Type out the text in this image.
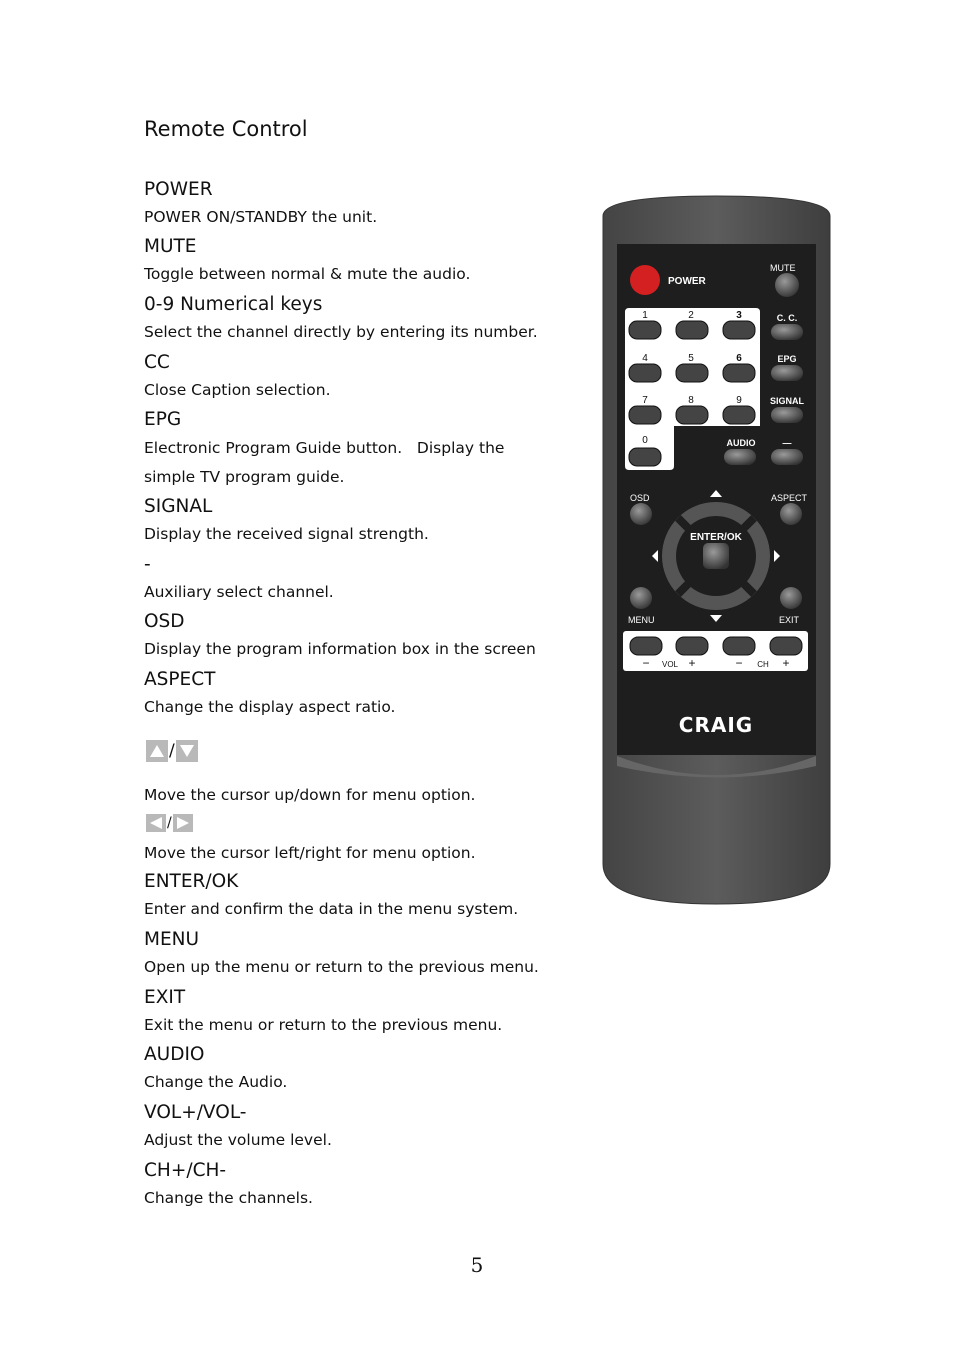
Remote Control
POWER
POWER ON/STANDBY the unit.
MUTE
Toggle between normal & mute the audio.
0-9 Numerical keys
Select the channel directly by entering its number.
CC
Close Caption selection.
EPG
Electronic Program Guide button.   Display the simple TV program guide.
SIGNAL
Display the received signal strength.
-
Auxiliary select channel.
OSD
Display the program information box in the screen
ASPECT
Change the display aspect ratio.
/
Move the cursor up/down for menu option.
/
Move the cursor left/right for menu option.
ENTER/OK
Enter and confirm the data in the menu system.
MENU
Open up the menu or return to the previous menu.
EXIT
Exit the menu or return to the previous menu.
AUDIO
Change the Audio.
VOL+/VOL-
Adjust the volume level.
CH+/CH-
Change the channels.
5
POWER
MUTE
1	2	3
4	5	6
7	8	9
0
C. C.
EPG
SIGNAL
AUDIO	—
OSD	ASPECT
ENTER/OK
MENU	EXIT
− VOL +	− CH +
CRAIG
